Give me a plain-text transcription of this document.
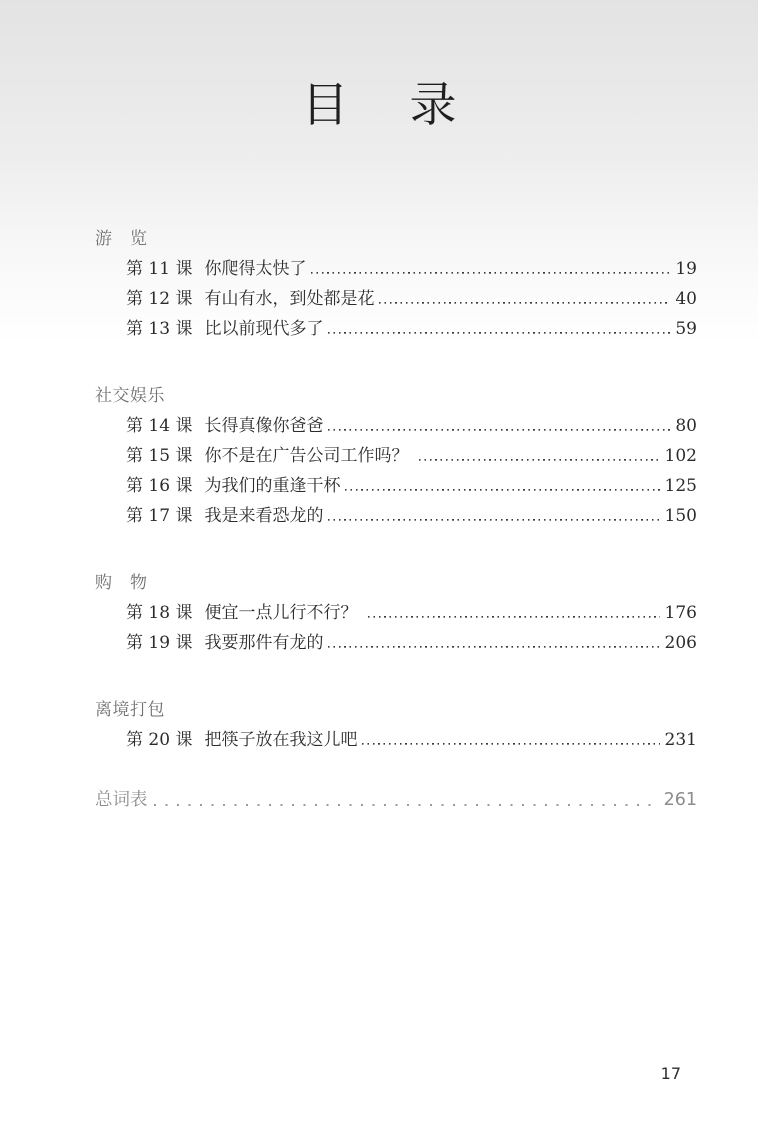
目 录
游　览
第 11 课 你爬得太快了	19
第 12 课 有山有水，到处都是花	40
第 13 课 比以前现代多了	59
社交娱乐
第 14 课 长得真像你爸爸	80
第 15 课 你不是在广告公司工作吗？	102
第 16 课 为我们的重逢干杯	125
第 17 课 我是来看恐龙的	150
购　物
第 18 课 便宜一点儿行不行？	176
第 19 课 我要那件有龙的	206
离境打包
第 20 课 把筷子放在我这儿吧	231
总词表	261
17
